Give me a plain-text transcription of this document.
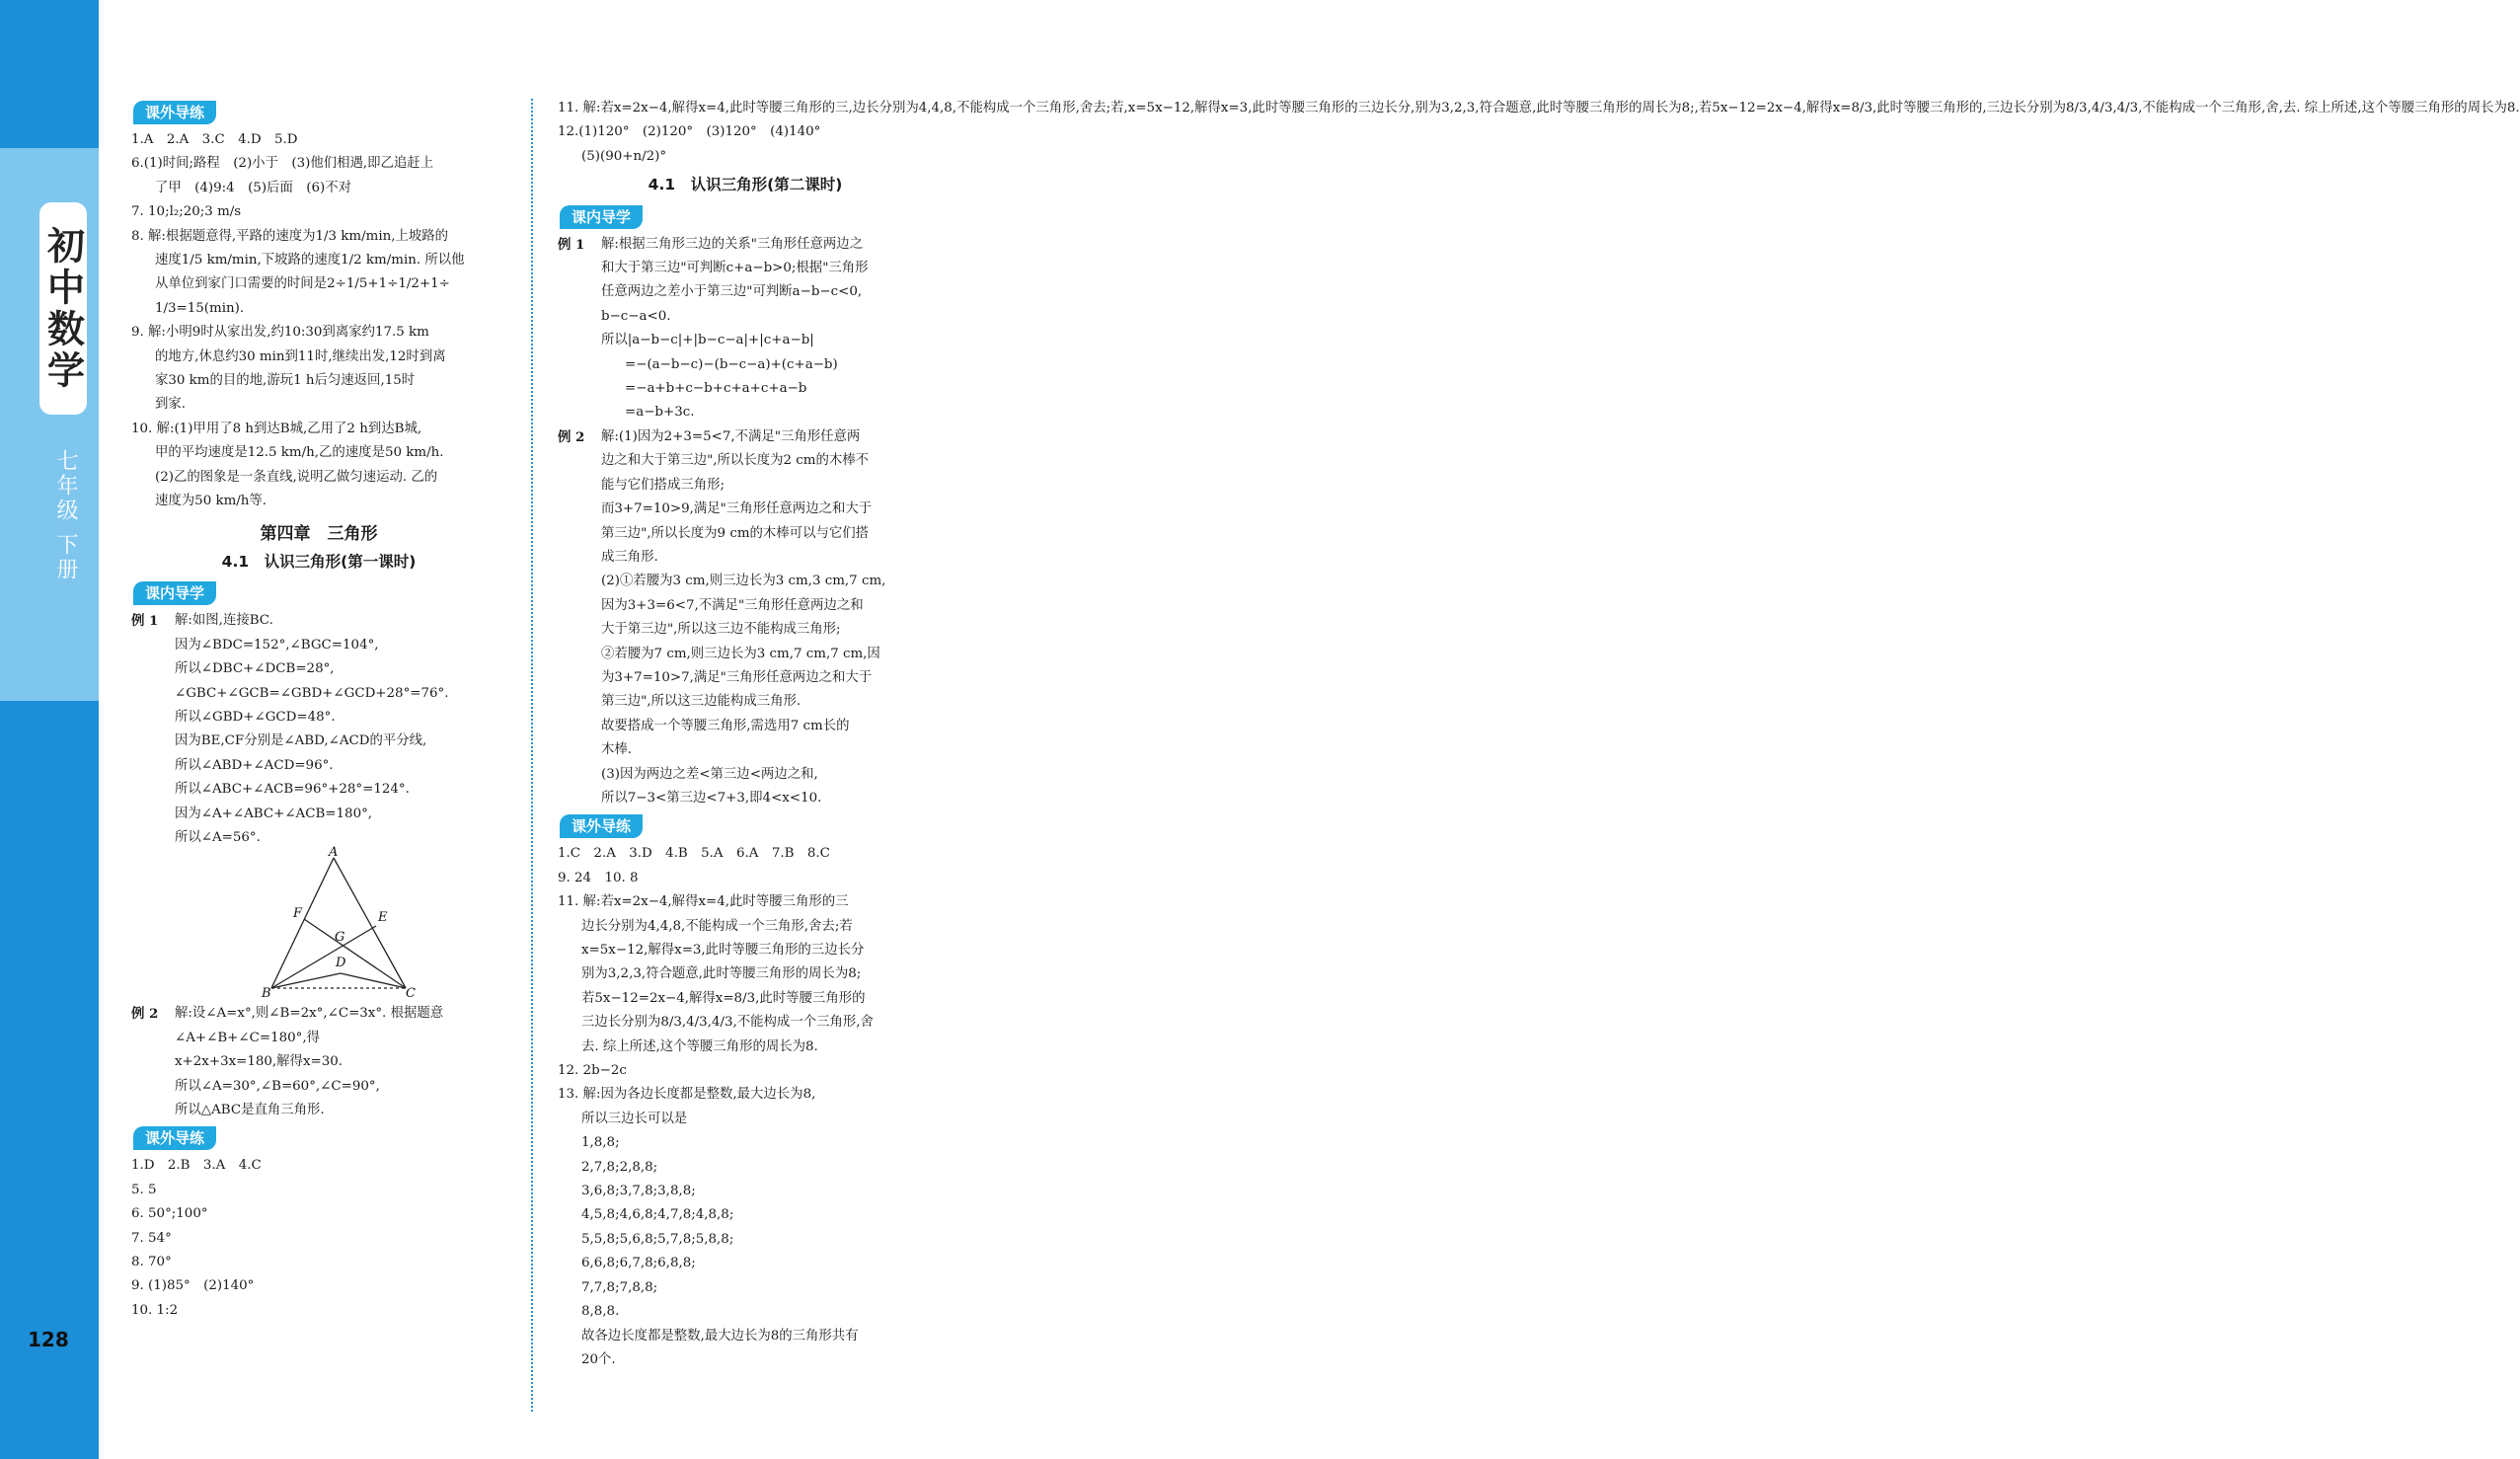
初中数学
七年级 下册
128
课外导练
1.A　2.A　3.C　4.D　5.D
6.(1)时间;路程　(2)小于　(3)他们相遇,即乙追赶上
了甲　(4)9:4　(5)后面　(6)不对
7. 10;l₂;20;3 m/s
8. 解:根据题意得,平路的速度为1/3 km/min,上坡路的
速度1/5 km/min,下坡路的速度1/2 km/min. 所以他
从单位到家门口需要的时间是2÷1/5+1÷1/2+1÷
1/3=15(min).
9. 解:小明9时从家出发,约10:30到离家约17.5 km
的地方,休息约30 min到11时,继续出发,12时到离
家30 km的目的地,游玩1 h后匀速返回,15时
到家.
10. 解:(1)甲用了8 h到达B城,乙用了2 h到达B城,
甲的平均速度是12.5 km/h,乙的速度是50 km/h.
(2)乙的图象是一条直线,说明乙做匀速运动. 乙的
速度为50 km/h等.
第四章　三角形
4.1　认识三角形(第一课时)
课内导学
例 1	解:如图,连接BC.
因为∠BDC=152°,∠BGC=104°,
所以∠DBC+∠DCB=28°,
∠GBC+∠GCB=∠GBD+∠GCD+28°=76°.
所以∠GBD+∠GCD=48°.
因为BE,CF分别是∠ABD,∠ACD的平分线,
所以∠ABD+∠ACD=96°.
所以∠ABC+∠ACB=96°+28°=124°.
因为∠A+∠ABC+∠ACB=180°,
所以∠A=56°.
A
B	C
D
E
F
G
例 2	解:设∠A=x°,则∠B=2x°,∠C=3x°. 根据题意
∠A+∠B+∠C=180°,得
x+2x+3x=180,解得x=30.
所以∠A=30°,∠B=60°,∠C=90°,
所以△ABC是直角三角形.
课外导练
1.D　2.B　3.A　4.C
5. 5
6. 50°;100°
7. 54°
8. 70°
9. (1)85°　(2)140°
10. 1:2
11. 解:若x=2x−4,解得x=4,此时等腰三角形的三,边长分别为4,4,8,不能构成一个三角形,舍去;若,x=5x−12,解得x=3,此时等腰三角形的三边长分,别为3,2,3,符合题意,此时等腰三角形的周长为8;,若5x−12=2x−4,解得x=8/3,此时等腰三角形的,三边长分别为8/3,4/3,4/3,不能构成一个三角形,舍,去. 综上所述,这个等腰三角形的周长为8.
12.(1)120°　(2)120°　(3)120°　(4)140°
(5)(90+n/2)°
4.1　认识三角形(第二课时)
课内导学
例 1	解:根据三角形三边的关系"三角形任意两边之
和大于第三边"可判断c+a−b>0;根据"三角形
任意两边之差小于第三边"可判断a−b−c<0,
b−c−a<0.
所以|a−b−c|+|b−c−a|+|c+a−b|
=−(a−b−c)−(b−c−a)+(c+a−b)
=−a+b+c−b+c+a+c+a−b
=a−b+3c.
例 2	解:(1)因为2+3=5<7,不满足"三角形任意两
边之和大于第三边",所以长度为2 cm的木棒不
能与它们搭成三角形;
而3+7=10>9,满足"三角形任意两边之和大于
第三边",所以长度为9 cm的木棒可以与它们搭
成三角形.
(2)①若腰为3 cm,则三边长为3 cm,3 cm,7 cm,
因为3+3=6<7,不满足"三角形任意两边之和
大于第三边",所以这三边不能构成三角形;
②若腰为7 cm,则三边长为3 cm,7 cm,7 cm,因
为3+7=10>7,满足"三角形任意两边之和大于
第三边",所以这三边能构成三角形.
故要搭成一个等腰三角形,需选用7 cm长的
木棒.
(3)因为两边之差<第三边<两边之和,
所以7−3<第三边<7+3,即4<x<10.
课外导练
1.C　2.A　3.D　4.B　5.A　6.A　7.B　8.C
9. 24　10. 8
11. 解:若x=2x−4,解得x=4,此时等腰三角形的三
边长分别为4,4,8,不能构成一个三角形,舍去;若
x=5x−12,解得x=3,此时等腰三角形的三边长分
别为3,2,3,符合题意,此时等腰三角形的周长为8;
若5x−12=2x−4,解得x=8/3,此时等腰三角形的
三边长分别为8/3,4/3,4/3,不能构成一个三角形,舍
去. 综上所述,这个等腰三角形的周长为8.
12. 2b−2c
13. 解:因为各边长度都是整数,最大边长为8,
所以三边长可以是
1,8,8;
2,7,8;2,8,8;
3,6,8;3,7,8;3,8,8;
4,5,8;4,6,8;4,7,8;4,8,8;
5,5,8;5,6,8;5,7,8;5,8,8;
6,6,8;6,7,8;6,8,8;
7,7,8;7,8,8;
8,8,8.
故各边长度都是整数,最大边长为8的三角形共有
20个.
